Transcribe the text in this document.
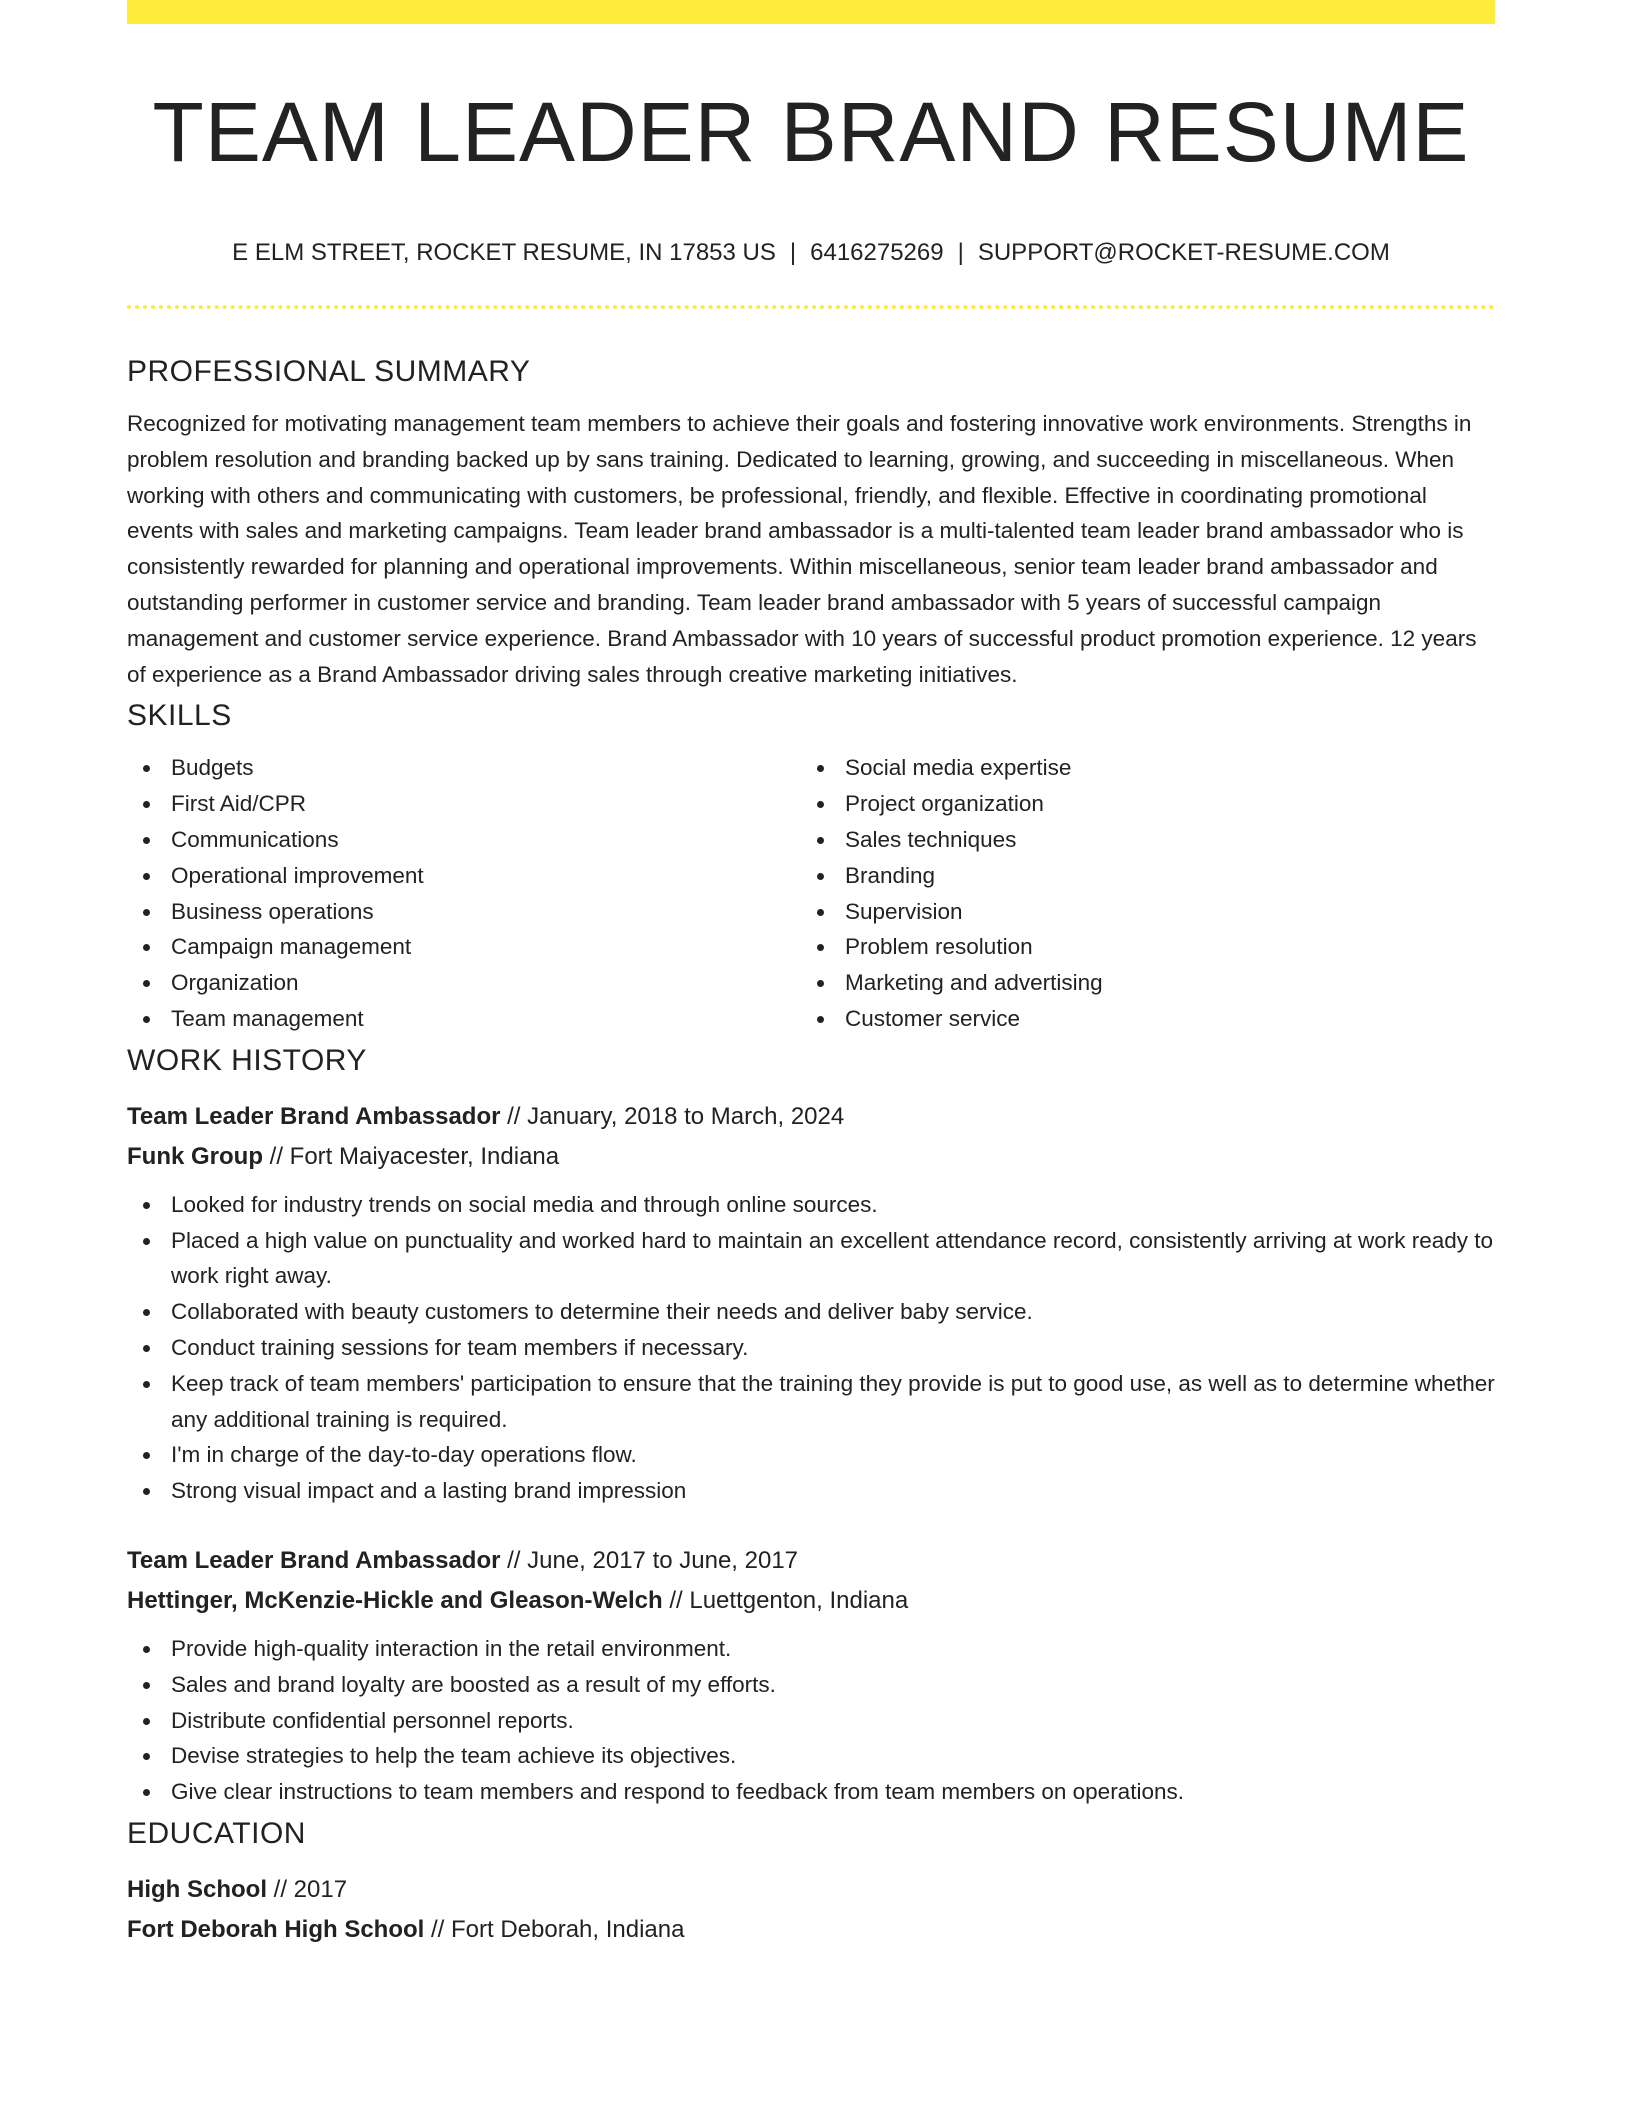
TEAM LEADER BRAND RESUME
E ELM STREET, ROCKET RESUME, IN 17853 US | 6416275269 | SUPPORT@ROCKET-RESUME.COM
PROFESSIONAL SUMMARY

Recognized for motivating management team members to achieve their goals and fostering innovative work environments. Strengths in problem resolution and branding backed up by sans training. Dedicated to learning, growing, and succeeding in miscellaneous. When working with others and communicating with customers, be professional, friendly, and flexible. Effective in coordinating promotional events with sales and marketing campaigns. Team leader brand ambassador is a multi-talented team leader brand ambassador who is consistently rewarded for planning and operational improvements. Within miscellaneous, senior team leader brand ambassador and outstanding performer in customer service and branding. Team leader brand ambassador with 5 years of successful campaign management and customer service experience. Brand Ambassador with 10 years of successful product promotion experience. 12 years of experience as a Brand Ambassador driving sales through creative marketing initiatives.

SKILLS
Budgets
First Aid/CPR
Communications
Operational improvement
Business operations
Campaign management
Organization
Team management
Social media expertise
Project organization
Sales techniques
Branding
Supervision
Problem resolution
Marketing and advertising
Customer service
WORK HISTORY
Team Leader Brand Ambassador // January, 2018 to March, 2024
Funk Group // Fort Maiyacester, Indiana
Looked for industry trends on social media and through online sources.
Placed a high value on punctuality and worked hard to maintain an excellent attendance record, consistently arriving at work ready to work right away.
Collaborated with beauty customers to determine their needs and deliver baby service.
Conduct training sessions for team members if necessary.
Keep track of team members' participation to ensure that the training they provide is put to good use, as well as to determine whether any additional training is required.
I'm in charge of the day-to-day operations flow.
Strong visual impact and a lasting brand impression
Team Leader Brand Ambassador // June, 2017 to June, 2017
Hettinger, McKenzie-Hickle and Gleason-Welch // Luettgenton, Indiana
Provide high-quality interaction in the retail environment.
Sales and brand loyalty are boosted as a result of my efforts.
Distribute confidential personnel reports.
Devise strategies to help the team achieve its objectives.
Give clear instructions to team members and respond to feedback from team members on operations.
EDUCATION
High School // 2017
Fort Deborah High School // Fort Deborah, Indiana
